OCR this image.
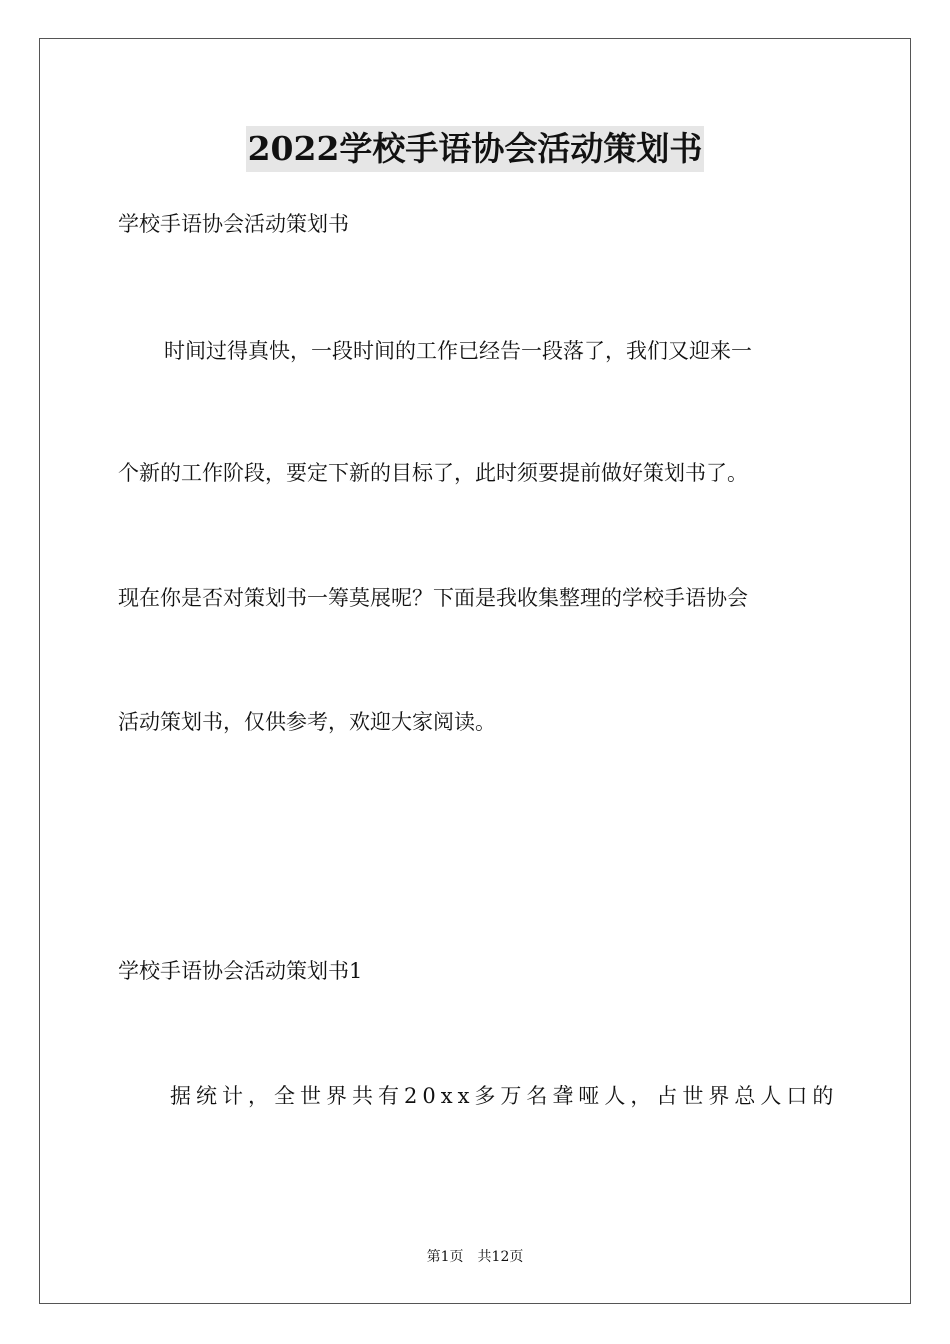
2022学校手语协会活动策划书

学校手语协会活动策划书

时间过得真快，一段时间的工作已经告一段落了，我们又迎来一

个新的工作阶段，要定下新的目标了，此时须要提前做好策划书了。

现在你是否对策划书一筹莫展呢？下面是我收集整理的学校手语协会

活动策划书，仅供参考，欢迎大家阅读。

学校手语协会活动策划书1

据统计，全世界共有20xx多万名聋哑人，占世界总人口的

第1页　共12页
